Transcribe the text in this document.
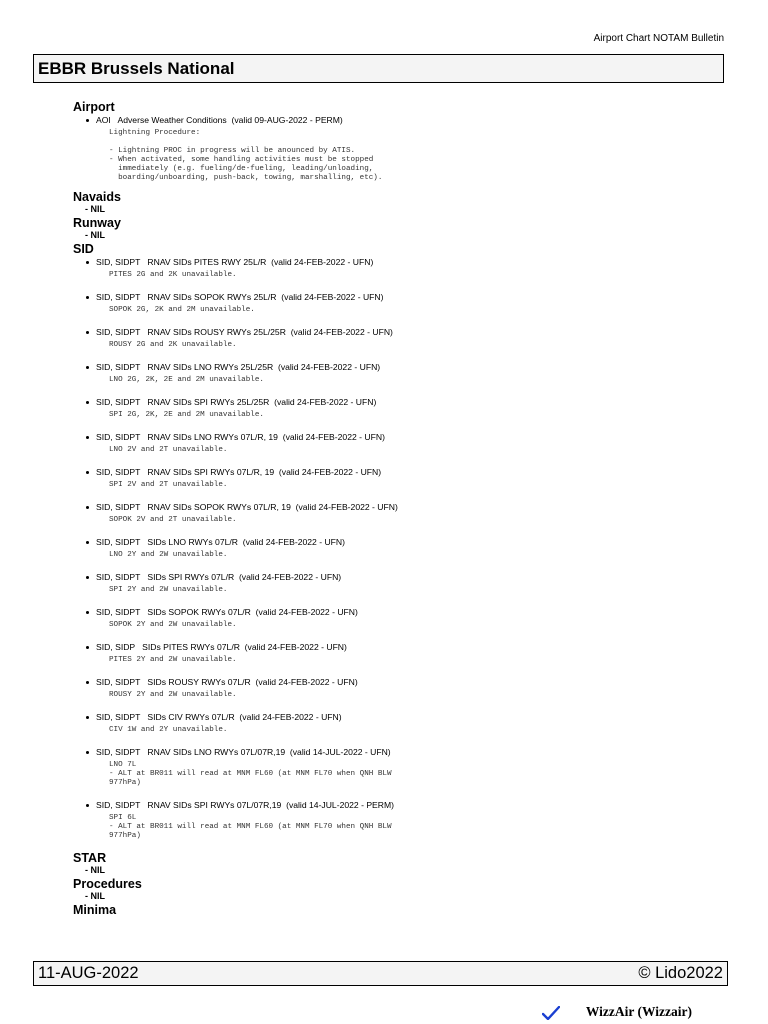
Airport Chart NOTAM Bulletin
EBBR Brussels National
Airport
AOI   Adverse Weather Conditions  (valid 09-AUG-2022 - PERM)
Lightning Procedure:

- Lightning PROC in progress will be anounced by ATIS.
- When activated, some handling activities must be stopped
immediately (e.g. fueling/de-fueling, leading/unloading,
boarding/unboarding, push-back, towing, marshalling, etc).
Navaids
- NIL
Runway
- NIL
SID
SID, SIDPT   RNAV SIDs PITES RWY 25L/R  (valid 24-FEB-2022 - UFN)
PITES 2G and 2K unavailable.
SID, SIDPT   RNAV SIDs SOPOK RWYs 25L/R  (valid 24-FEB-2022 - UFN)
SOPOK 2G, 2K and 2M unavailable.
SID, SIDPT   RNAV SIDs ROUSY RWYs 25L/25R  (valid 24-FEB-2022 - UFN)
ROUSY 2G and 2K unavailable.
SID, SIDPT   RNAV SIDs LNO RWYs 25L/25R  (valid 24-FEB-2022 - UFN)
LNO 2G, 2K, 2E and 2M unavailable.
SID, SIDPT   RNAV SIDs SPI RWYs 25L/25R  (valid 24-FEB-2022 - UFN)
SPI 2G, 2K, 2E and 2M unavailable.
SID, SIDPT   RNAV SIDs LNO RWYs 07L/R, 19  (valid 24-FEB-2022 - UFN)
LNO 2V and 2T unavailable.
SID, SIDPT   RNAV SIDs SPI RWYs 07L/R, 19  (valid 24-FEB-2022 - UFN)
SPI 2V and 2T unavailable.
SID, SIDPT   RNAV SIDs SOPOK RWYs 07L/R, 19  (valid 24-FEB-2022 - UFN)
SOPOK 2V and 2T unavailable.
SID, SIDPT   SIDs LNO RWYs 07L/R  (valid 24-FEB-2022 - UFN)
LNO 2Y and 2W unavailable.
SID, SIDPT   SIDs SPI RWYs 07L/R  (valid 24-FEB-2022 - UFN)
SPI 2Y and 2W unavailable.
SID, SIDPT   SIDs SOPOK RWYs 07L/R  (valid 24-FEB-2022 - UFN)
SOPOK 2Y and 2W unavailable.
SID, SIDP   SIDs PITES RWYs 07L/R  (valid 24-FEB-2022 - UFN)
PITES 2Y and 2W unavailable.
SID, SIDPT   SIDs ROUSY RWYs 07L/R  (valid 24-FEB-2022 - UFN)
ROUSY 2Y and 2W unavailable.
SID, SIDPT   SIDs CIV RWYs 07L/R  (valid 24-FEB-2022 - UFN)
CIV 1W and 2Y unavailable.
SID, SIDPT   RNAV SIDs LNO RWYs 07L/07R,19  (valid 14-JUL-2022 - UFN)
LNO 7L
- ALT at BR011 will read at MNM FL60 (at MNM FL70 when QNH BLW
977hPa)
SID, SIDPT   RNAV SIDs SPI RWYs 07L/07R,19  (valid 14-JUL-2022 - PERM)
SPI 6L
- ALT at BR011 will read at MNM FL60 (at MNM FL70 when QNH BLW
977hPa)
STAR
- NIL
Procedures
- NIL
Minima
11-AUG-2022	© Lido2022
WizzAir (Wizzair)
